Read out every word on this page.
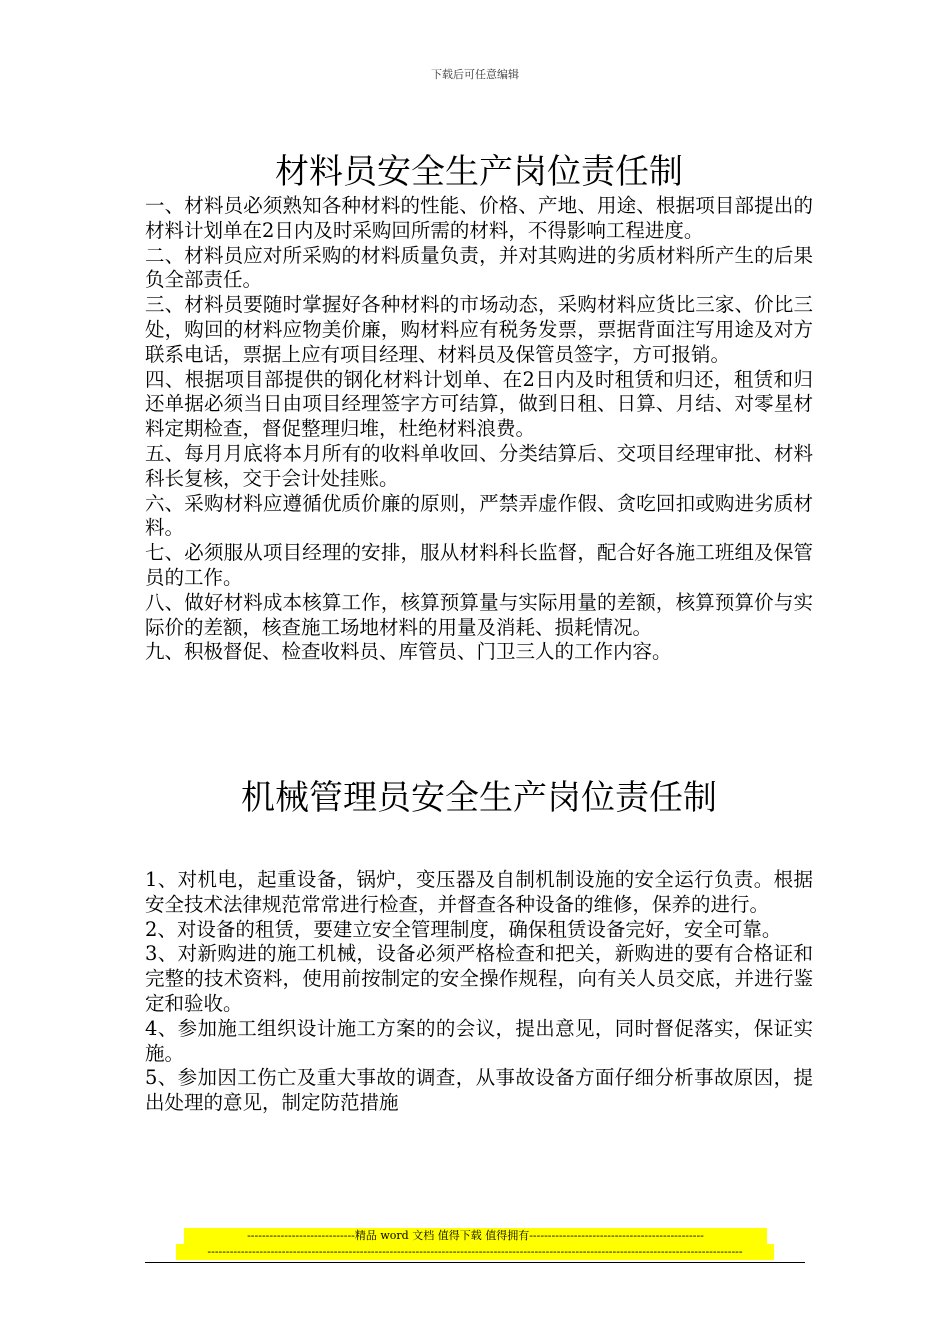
下载后可任意编辑
材料员安全生产岗位责任制

一、材料员必须熟知各种材料的性能、价格、产地、用途、根据项目部提出的材料计划单在2日内及时采购回所需的材料，不得影响工程进度。

二、材料员应对所采购的材料质量负责，并对其购进的劣质材料所产生的后果负全部责任。

三、材料员要随时掌握好各种材料的市场动态，采购材料应货比三家、价比三处，购回的材料应物美价廉，购材料应有税务发票，票据背面注写用途及对方联系电话，票据上应有项目经理、材料员及保管员签字，方可报销。

四、根据项目部提供的钢化材料计划单、在2日内及时租赁和归还，租赁和归还单据必须当日由项目经理签字方可结算，做到日租、日算、月结、对零星材料定期检查，督促整理归堆，杜绝材料浪费。

五、每月月底将本月所有的收料单收回、分类结算后、交项目经理审批、材料科长复核，交于会计处挂账。

六、采购材料应遵循优质价廉的原则，严禁弄虚作假、贪吃回扣或购进劣质材料。

七、必须服从项目经理的安排，服从材料科长监督，配合好各施工班组及保管员的工作。

八、做好材料成本核算工作，核算预算量与实际用量的差额，核算预算价与实际价的差额，核查施工场地材料的用量及消耗、损耗情况。

九、积极督促、检查收料员、库管员、门卫三人的工作内容。

机械管理员安全生产岗位责任制

1、对机电，起重设备，锅炉，变压器及自制机制设施的安全运行负责。根据安全技术法律规范常常进行检查，并督查各种设备的维修，保养的进行。

2、对设备的租赁，要建立安全管理制度，确保租赁设备完好，安全可靠。

3、对新购进的施工机械，设备必须严格检查和把关，新购进的要有合格证和完整的技术资料，使用前按制定的安全操作规程，向有关人员交底，并进行鉴定和验收。

4、参加施工组织设计施工方案的的会议，提出意见，同时督促落实，保证实施。

5、参加因工伤亡及重大事故的调查，从事故设备方面仔细分析事故原因，提出处理的意见，制定防范措施

-----------------------------精品 word 文档 值得下载 值得拥有-----------------------------------------------
------------------------------------------------------------------------------------------------------------------------------------------------
